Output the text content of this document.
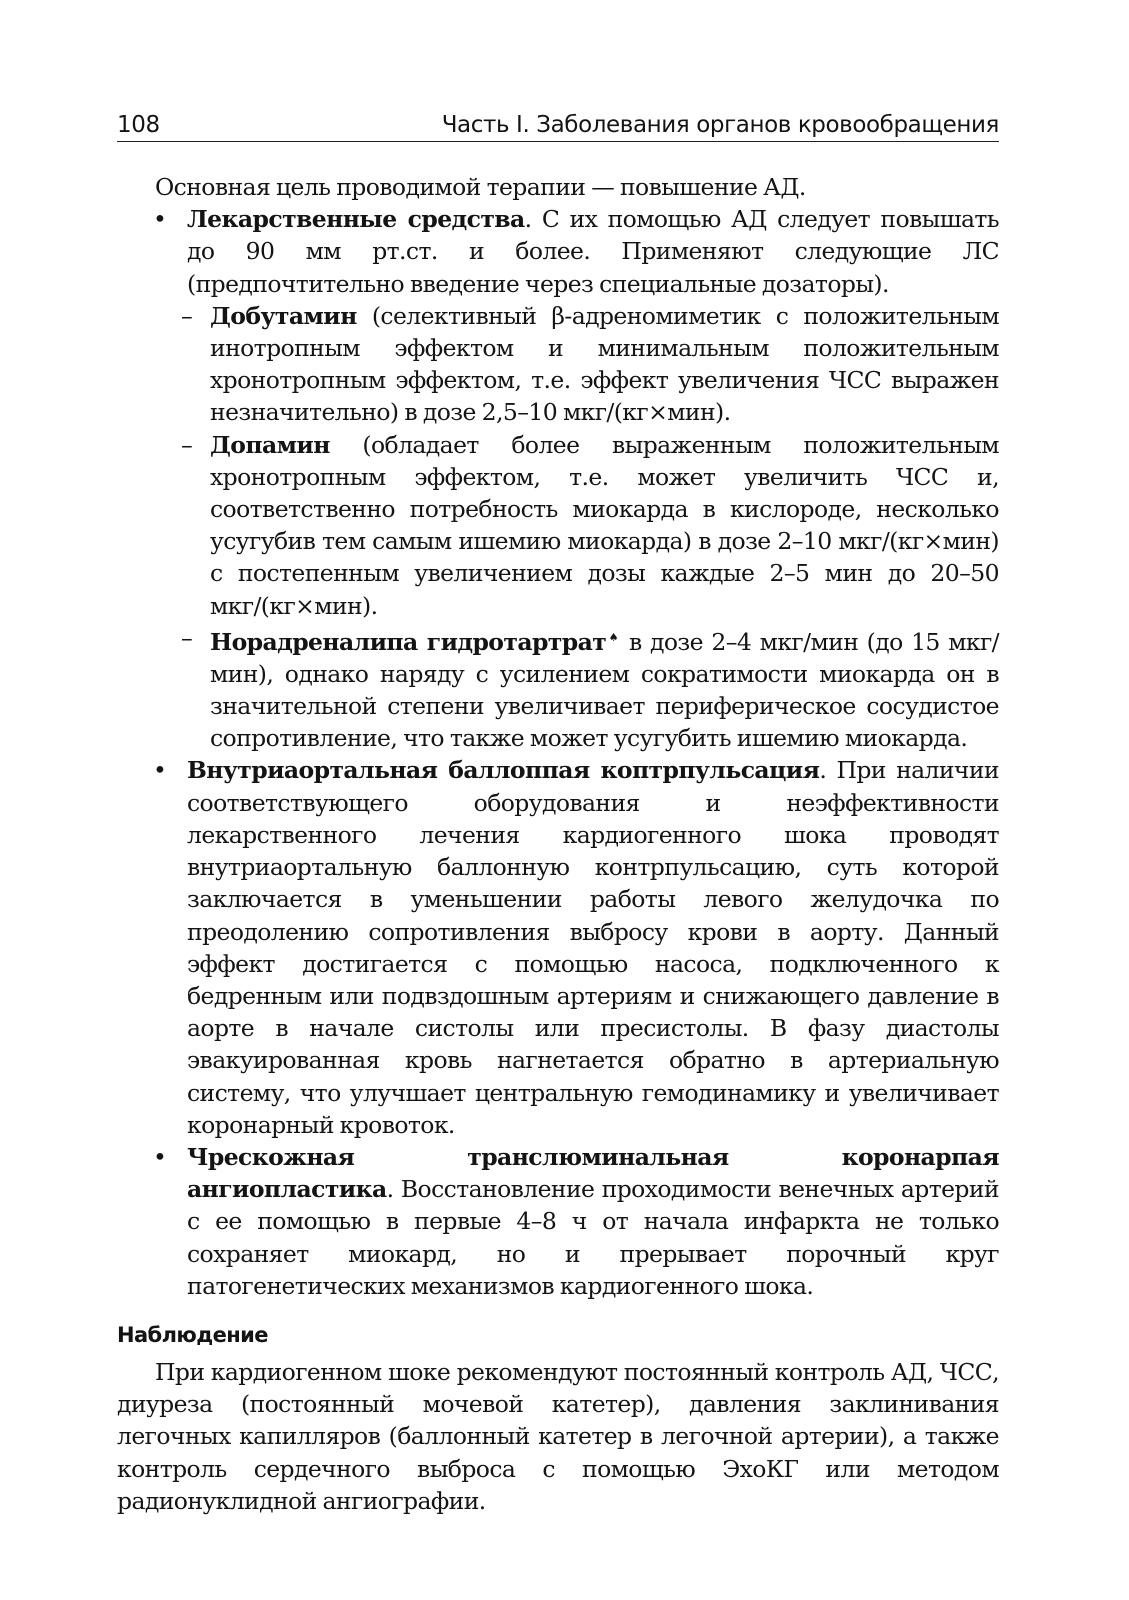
108	Часть I. Заболевания органов кровообращения

Основная цель проводимой терапии — повышение АД.

• Лекарственные средства. С их помощью АД следует повышать до 90 мм рт.ст. и более. Применяют следующие ЛС (предпочтительно введение через специальные дозаторы).
– Добутамин (селективный β-адреномиметик с положительным инотропным эффектом и минимальным положительным хронотропным эффектом, т.е. эффект увеличения ЧСС выражен незначительно) в дозе 2,5–10 мкг/(кг×мин).
– Допамин (обладает более выраженным положительным хронотропным эффектом, т.е. может увеличить ЧСС и, соответственно потребность миокарда в кислороде, несколько усугубив тем самым ишемию миокарда) в дозе 2–10 мкг/(кг×мин) с постепенным увеличением дозы каждые 2–5 мин до 20–50 мкг/(кг×мин).
– Норадреналипа гидротартрат♠ в дозе 2–4 мкг/мин (до 15 мкг/мин), однако наряду с усилением сократимости миокарда он в значительной степени увеличивает периферическое сосудистое сопротивление, что также может усугубить ишемию миокарда.
• Внутриаортальная баллоппая коптрпульсация. При наличии соответствующего оборудования и неэффективности лекарственного лечения кардиогенного шока проводят внутриаортальную баллонную контрпульсацию, суть которой заключается в уменьшении работы левого желудочка по преодолению сопротивления выбросу крови в аорту. Данный эффект достигается с помощью насоса, подключенного к бедренным или подвздошным артериям и снижающего давление в аорте в начале систолы или пресистолы. В фазу диастолы эвакуированная кровь нагнетается обратно в артериальную систему, что улучшает центральную гемодинамику и увеличивает коронарный кровоток.
• Чрескожная транслюминальная коронарпая ангиопластика. Восстановление проходимости венечных артерий с ее помощью в первые 4–8 ч от начала инфаркта не только сохраняет миокард, но и прерывает порочный круг патогенетических механизмов кардиогенного шока.
Наблюдение

При кардиогенном шоке рекомендуют постоянный контроль АД, ЧСС, диуреза (постоянный мочевой катетер), давления заклинивания легочных капилляров (баллонный катетер в легочной артерии), а также контроль сердечного выброса с помощью ЭхоКГ или методом радионуклидной ангиографии.
